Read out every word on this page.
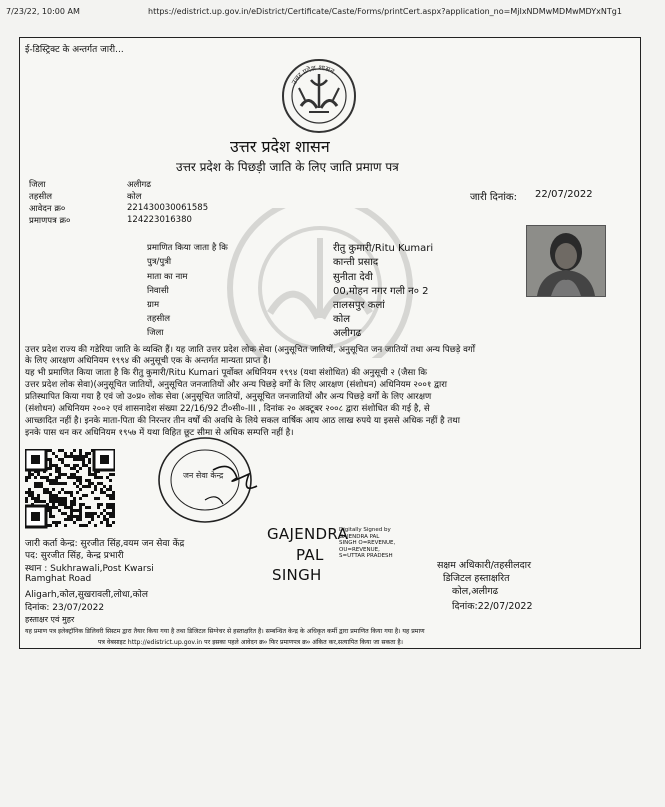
7/23/22, 10:00 AM	https://edistrict.up.gov.in/eDistrict/Certificate/Caste/Forms/printCert.aspx?application_no=MjIxNDMwMDMwMDYxNTg1
ई-डिस्ट्रिक्ट के अन्तर्गत जारी...
उत्तर प्रदेश शासन
उत्तर प्रदेश शासन
उत्तर प्रदेश के पिछड़ी जाति के लिए जाति प्रमाण पत्र
जिला	अलीगढ
तहसील	कोल
आवेदन क्र०	221430030061585
प्रमाणपत्र क्र०	12422301638​0
जारी दिनांक: 22/07/2022
प्रमाणित किया जाता है कि	रीतु कुमारी/Ritu Kumari
पुत्र/पुत्री	कान्ती प्रसाद
माता का नाम	सुनीता देवी
निवासी	00,मोहन नगर गली न० 2
ग्राम	तालसपुर कलां
तहसील	कोल
जिला	अलीगढ
उत्तर प्रदेश राज्य की गडेरिया जाति के व्यक्ति हैं। यह जाति उत्तर प्रदेश लोक सेवा (अनुसूचित जातियों, अनुसूचित जन जातियों तथा अन्य पिछड़े वर्गों
के लिए आरक्षण अधिनियम १९९४ की अनुसूची एक के अन्तर्गत मान्यता प्राप्त है।
यह भी प्रमाणित किया जाता है कि रीतु कुमारी/Ritu Kumari पूर्वोक्त अधिनियम १९९४ (यथा संशोधित) की अनुसूची २ (जैसा कि
उत्तर प्रदेश लोक सेवा)(अनुसूचित जातियों, अनुसूचित जनजातियों और अन्य पिछड़े वर्गों के लिए आरक्षण (संशोधन) अधिनियम २००१ द्वारा
प्रतिस्थापित किया गया है एवं जो उ०प्र० लोक सेवा (अनुसूचित जातियों, अनुसूचित जनजातियों और अन्य पिछड़े वर्गों के लिए आरक्षण
(संशोधन) अधिनियम २००२ एवं शासनादेश संख्या 22/16/92 टी०सी०-III , दिनांक २० अक्टूबर २००८ द्वारा संशोधित की गई है, से
आच्छादित नहीं है। इनके माता-पिता की निरन्तर तीन वर्षों की अवधि के लिये सकल वार्षिक आय आठ लाख रुपये या इससे अधिक नहीं है तथा
इनके पास धन कर अधिनियम १९५७ में यथा विहित छूट सीमा से अधिक सम्पत्ति नहीं है।
जन सेवा केन्द्र
जारी कर्ता केन्द्र: सुरजीत सिंह,वयम जन सेवा केंद्र
पद: सुरजीत सिंह, केन्द्र प्रभारी
स्थान : Sukhrawali,Post Kwarsi
Ramghat Road
Aligarh,कोल,सुखरावली,लोधा,कोल
दिनांक: 23/07/2022
हस्ताक्षर एवं मुहर
GAJENDRA
PAL
SINGH
Digitally Signed by
GAJENDRA PAL
SINGH O=REVENUE,
OU=REVENUE,
S=UTTAR PRADESH
सक्षम अधिकारी/तहसीलदार
डिजिटल हस्ताक्षरित
कोल,अलीगढ
दिनांक:22/07/2022
यह प्रमाण पत्र इलेक्ट्रॉनिक डिलिवरी सिस्टम द्वारा तैयार किया गया है तथा डिजिटल सिग्नेचर से हस्ताक्षरित है। सम्बन्धित केन्द्र के अधिकृत कर्मी द्वारा प्रमाणित किया गया है। यह प्रमाण
पत्र वेबसाइट http://edistrict.up.gov.in पर इसका पहले आवेदन क्र० फिर प्रमाणपत्र क्र० अंकित कर,सत्यापित किया जा सकता है।
